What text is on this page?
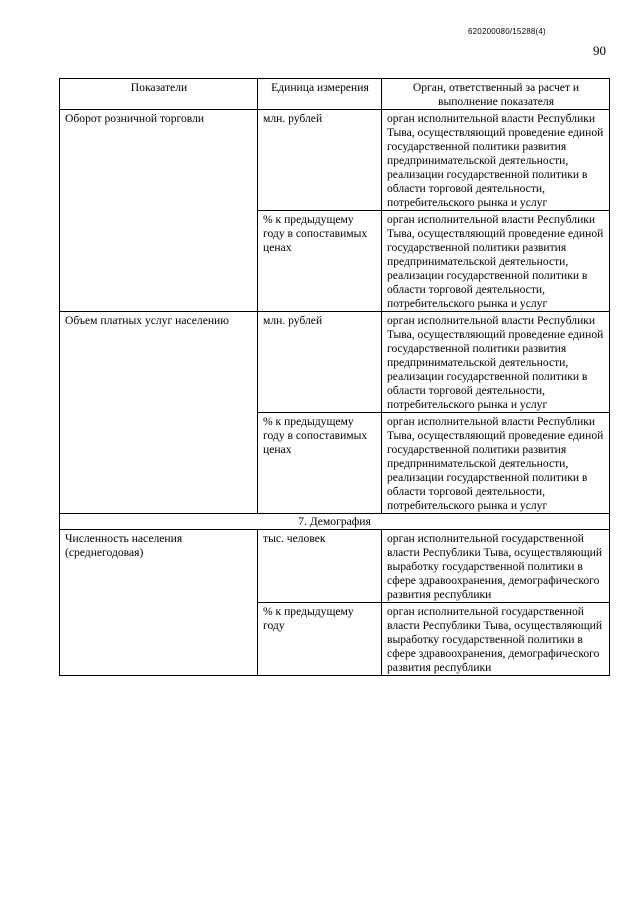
620200080/15288(4)
90
Показатели	Единица измерения	Орган, ответственный за расчет и выполнение показателя
Оборот розничной торговли	млн. рублей	орган исполнительной власти Республики Тыва, осуществляющий проведение единой государственной политики развития предпринимательской деятельности, реализации государственной политики в области торговой деятельности, потребительского рынка и услуг
	% к предыдущему году в сопоставимых ценах	орган исполнительной власти Республики Тыва, осуществляющий проведение единой государственной политики развития предпринимательской деятельности, реализации государственной политики в области торговой деятельности, потребительского рынка и услуг
Объем платных услуг населению	млн. рублей	орган исполнительной власти Республики Тыва, осуществляющий проведение единой государственной политики развития предпринимательской деятельности, реализации государственной политики в области торговой деятельности, потребительского рынка и услуг
	% к предыдущему году в сопоставимых ценах	орган исполнительной власти Республики Тыва, осуществляющий проведение единой государственной политики развития предпринимательской деятельности, реализации государственной политики в области торговой деятельности, потребительского рынка и услуг
7. Демография		
Численность населения (среднегодовая)	тыс. человек	орган исполнительной государственной власти Республики Тыва, осуществляющий выработку государственной политики в сфере здравоохранения, демографического развития республики
	% к предыдущему году	орган исполнительной государственной власти Республики Тыва, осуществляющий выработку государственной политики в сфере здравоохранения, демографического развития республики
